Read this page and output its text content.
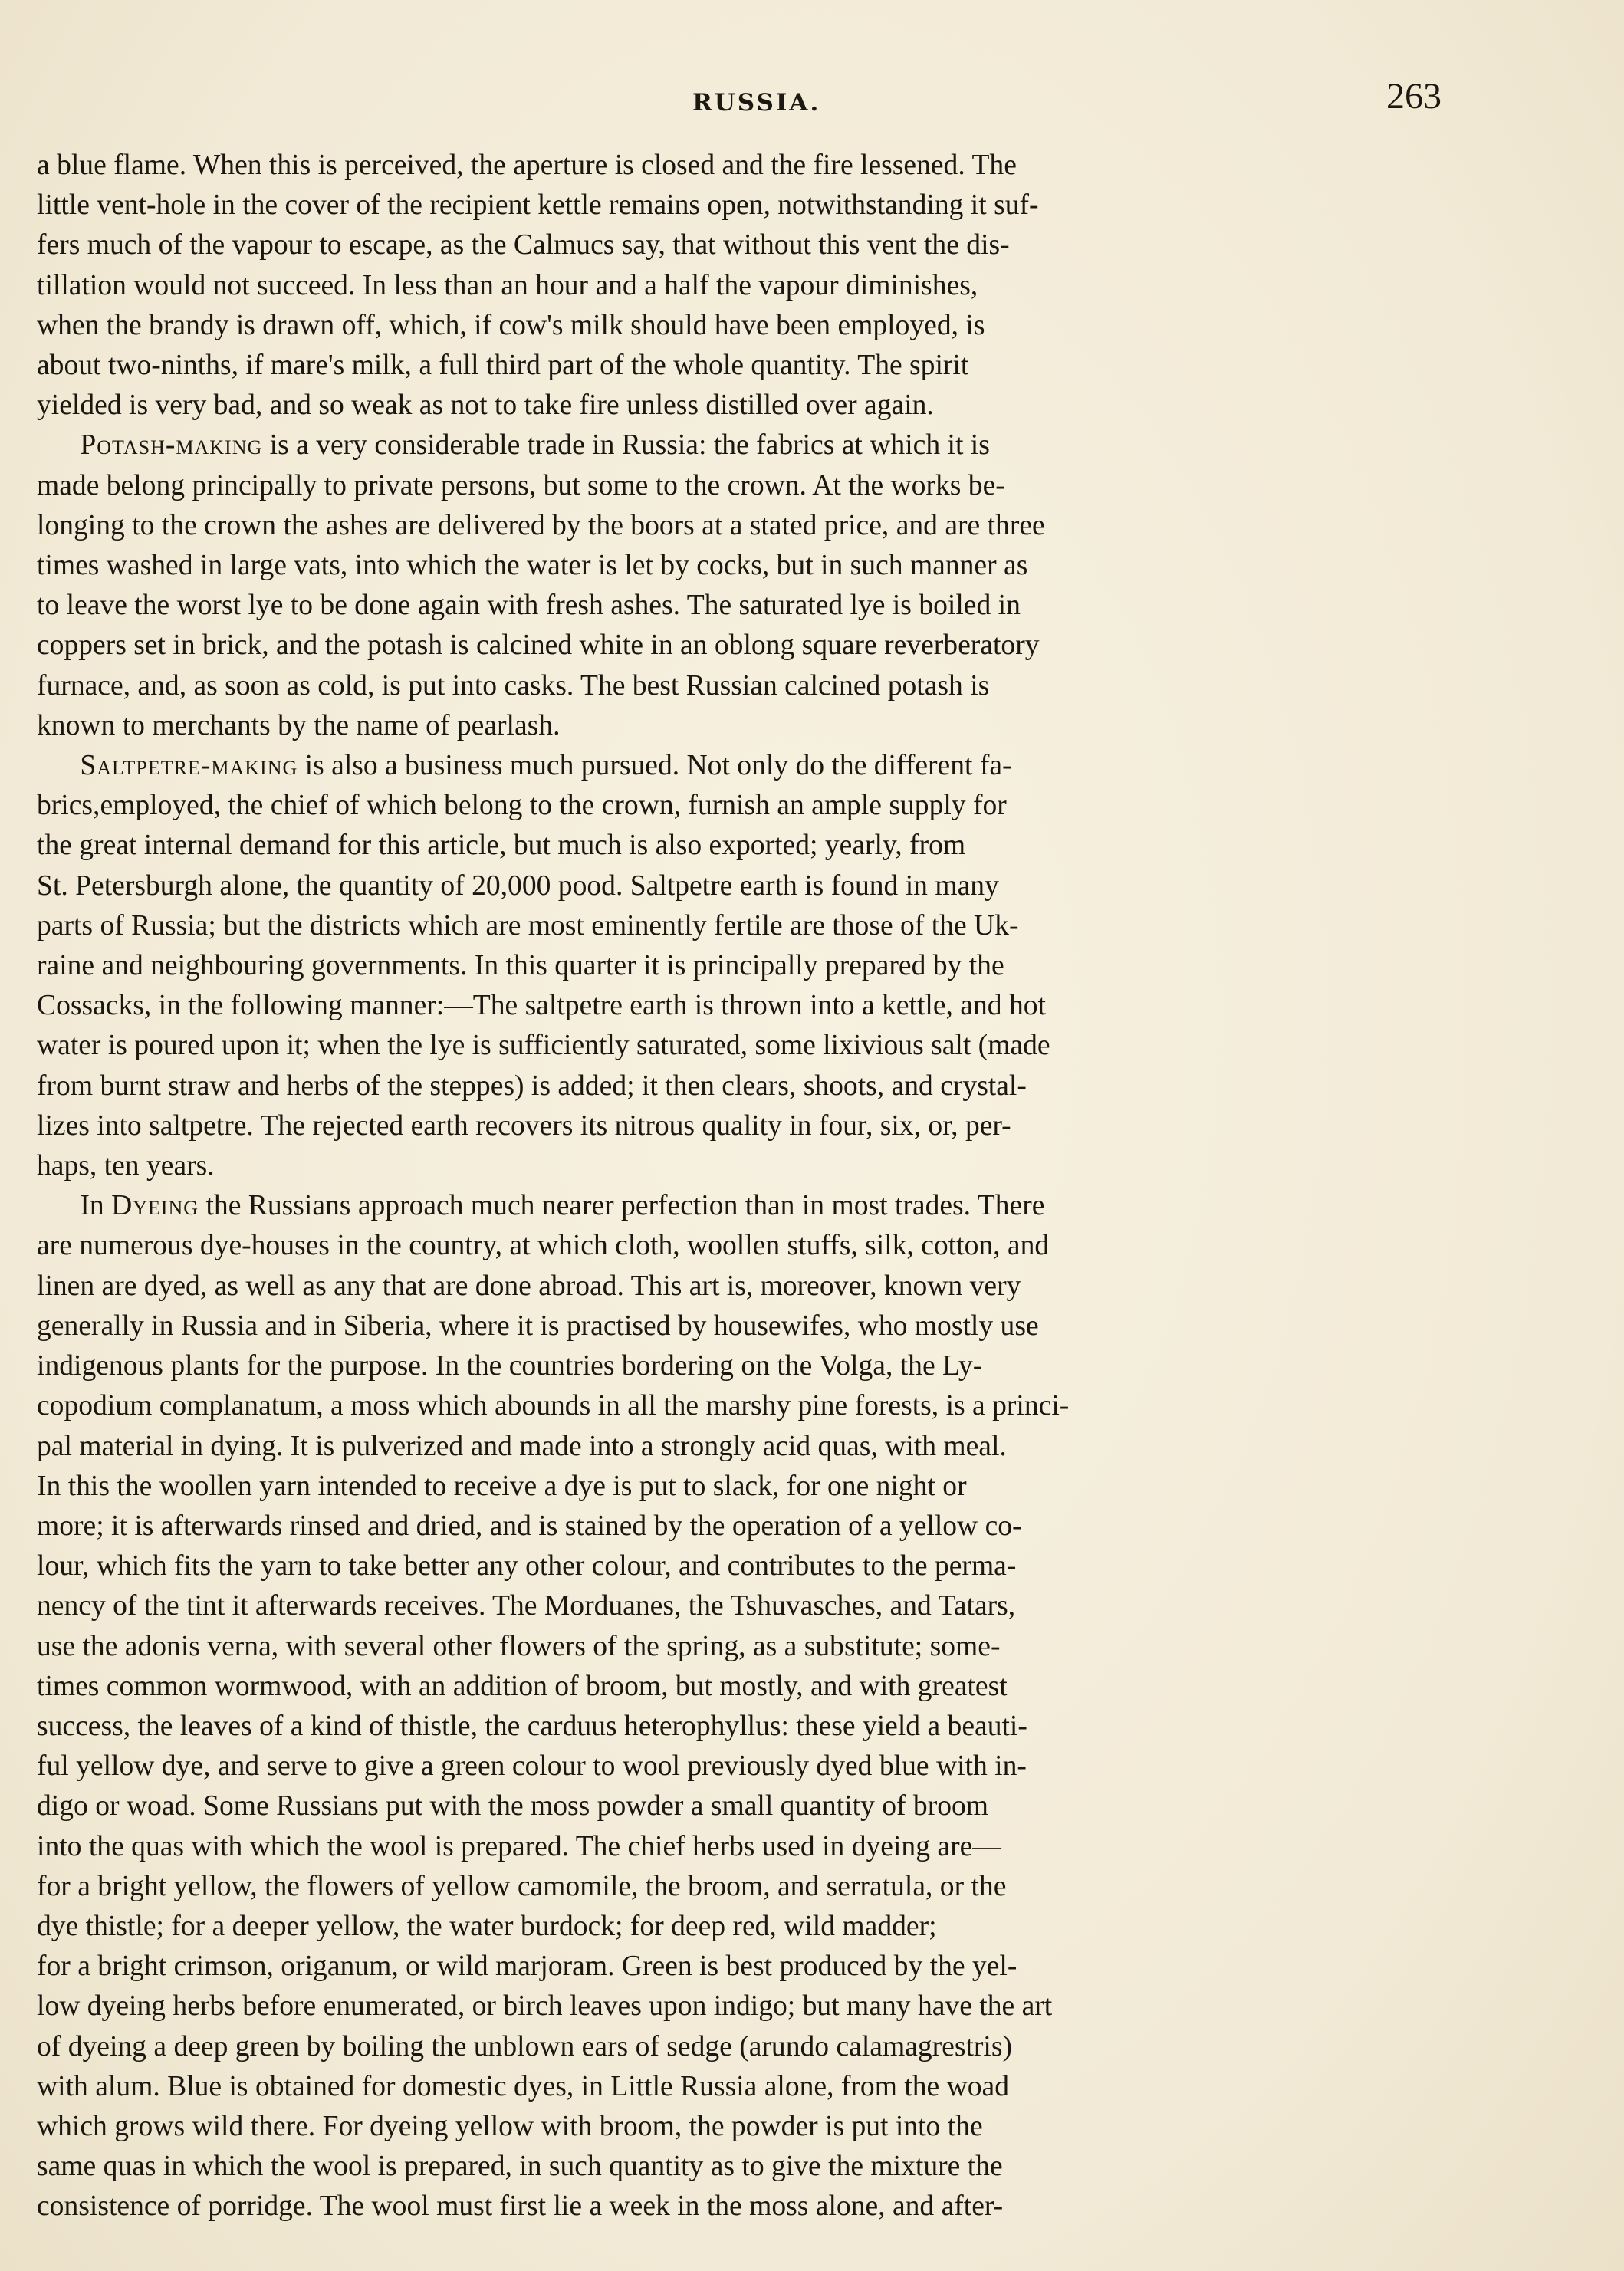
RUSSIA.	263

a blue flame. When this is perceived, the aperture is closed and the fire lessened. The
little vent-hole in the cover of the recipient kettle remains open, notwithstanding it suf-
fers much of the vapour to escape, as the Calmucs say, that without this vent the dis-
tillation would not succeed. In less than an hour and a half the vapour diminishes,
when the brandy is drawn off, which, if cow's milk should have been employed, is
about two-ninths, if mare's milk, a full third part of the whole quantity. The spirit
yielded is very bad, and so weak as not to take fire unless distilled over again.

  Potash-making is a very considerable trade in Russia: the fabrics at which it is
made belong principally to private persons, but some to the crown. At the works be-
longing to the crown the ashes are delivered by the boors at a stated price, and are three
times washed in large vats, into which the water is let by cocks, but in such manner as
to leave the worst lye to be done again with fresh ashes. The saturated lye is boiled in
coppers set in brick, and the potash is calcined white in an oblong square reverberatory
furnace, and, as soon as cold, is put into casks. The best Russian calcined potash is
known to merchants by the name of pearlash.

  Saltpetre-making is also a business much pursued. Not only do the different fa-
brics,employed, the chief of which belong to the crown, furnish an ample supply for
the great internal demand for this article, but much is also exported; yearly, from
St. Petersburgh alone, the quantity of 20,000 pood. Saltpetre earth is found in many
parts of Russia; but the districts which are most eminently fertile are those of the Uk-
raine and neighbouring governments. In this quarter it is principally prepared by the
Cossacks, in the following manner:—The saltpetre earth is thrown into a kettle, and hot
water is poured upon it; when the lye is sufficiently saturated, some lixivious salt (made
from burnt straw and herbs of the steppes) is added; it then clears, shoots, and crystal-
lizes into saltpetre. The rejected earth recovers its nitrous quality in four, six, or, per-
haps, ten years.

  In Dyeing the Russians approach much nearer perfection than in most trades. There
are numerous dye-houses in the country, at which cloth, woollen stuffs, silk, cotton, and
linen are dyed, as well as any that are done abroad. This art is, moreover, known very
generally in Russia and in Siberia, where it is practised by housewifes, who mostly use
indigenous plants for the purpose. In the countries bordering on the Volga, the Ly-
copodium complanatum, a moss which abounds in all the marshy pine forests, is a princi-
pal material in dying. It is pulverized and made into a strongly acid quas, with meal.
In this the woollen yarn intended to receive a dye is put to slack, for one night or
more; it is afterwards rinsed and dried, and is stained by the operation of a yellow co-
lour, which fits the yarn to take better any other colour, and contributes to the perma-
nency of the tint it afterwards receives. The Morduanes, the Tshuvasches, and Tatars,
use the adonis verna, with several other flowers of the spring, as a substitute; some-
times common wormwood, with an addition of broom, but mostly, and with greatest
success, the leaves of a kind of thistle, the carduus heterophyllus: these yield a beauti-
ful yellow dye, and serve to give a green colour to wool previously dyed blue with in-
digo or woad. Some Russians put with the moss powder a small quantity of broom
into the quas with which the wool is prepared. The chief herbs used in dyeing are—
for a bright yellow, the flowers of yellow camomile, the broom, and serratula, or the
dye thistle; for a deeper yellow, the water burdock; for deep red, wild madder;
for a bright crimson, origanum, or wild marjoram. Green is best produced by the yel-
low dyeing herbs before enumerated, or birch leaves upon indigo; but many have the art
of dyeing a deep green by boiling the unblown ears of sedge (arundo calamagrestris)
with alum. Blue is obtained for domestic dyes, in Little Russia alone, from the woad
which grows wild there. For dyeing yellow with broom, the powder is put into the
same quas in which the wool is prepared, in such quantity as to give the mixture the
consistence of porridge. The wool must first lie a week in the moss alone, and after-
